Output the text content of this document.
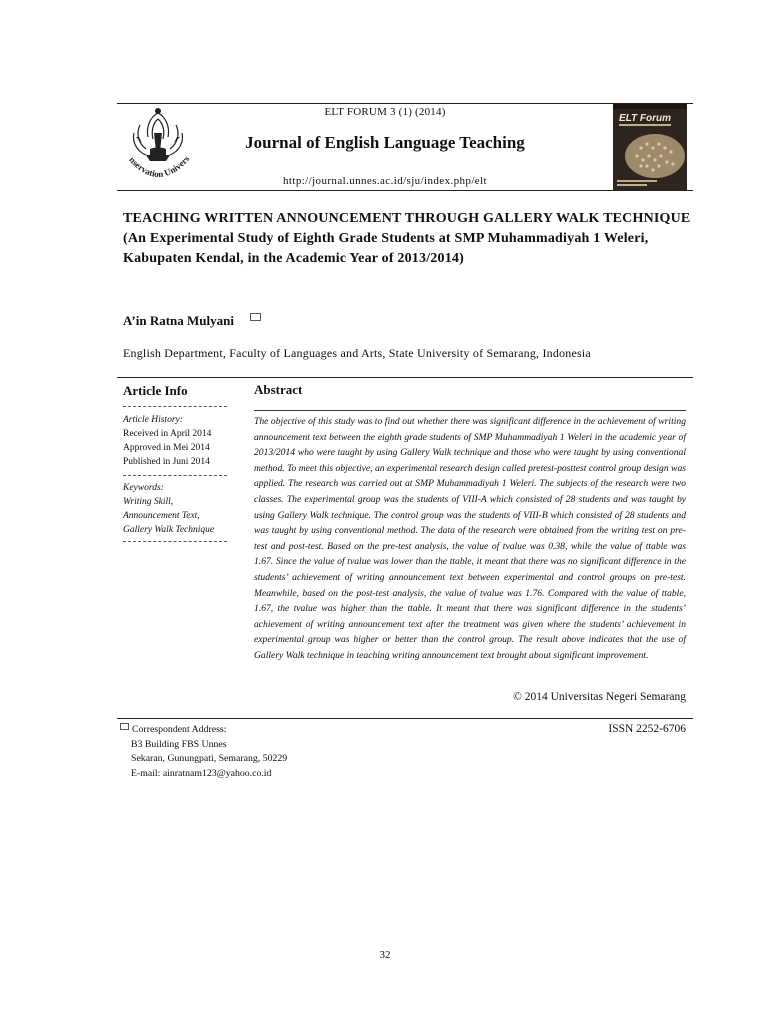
nservation Univers
ELT FORUM 3 (1) (2014)
Journal of English Language Teaching
http://journal.unnes.ac.id/sju/index.php/elt
ELT Forum
TEACHING WRITTEN ANNOUNCEMENT THROUGH GALLERY WALK TECHNIQUE (An Experimental Study of Eighth Grade Students at SMP Muhammadiyah 1 Weleri, Kabupaten Kendal, in the Academic Year of 2013/2014)
A’in Ratna Mulyani
English Department, Faculty of Languages and Arts, State University of Semarang, Indonesia
Article Info
Article History:
Received in April 2014
Approved in Mei 2014
Published in Juni 2014
Keywords:
Writing Skill,
Announcement Text,
Gallery Walk Technique
Abstract
The objective of this study was to find out whether there was significant difference in the achievement of writing announcement text between the eighth grade students of SMP Muhammadiyah 1 Weleri in the academic year of 2013/2014 who were taught by using Gallery Walk technique and those who were taught by using conventional method. To meet this objective, an experimental research design called pretest-posttest control group design was applied. The research was carried out at SMP Muhammadiyah 1 Weleri. The subjects of the research were two classes. The experimental group was the students of VIII-A which consisted of 28 students and was taught by using Gallery Walk technique. The control group was the students of VIII-B which consisted of 28 students and was taught by using conventional method. The data of the research were obtained from the writing test on pre-test and post-test. Based on the pre-test analysis, the value of tvalue was 0.38, while the value of ttable was 1.67. Since the value of tvalue was lower than the ttable, it meant that there was no significant difference in the students’ achievement of writing announcement text between experimental and control groups on pre-test. Meanwhile, based on the post-test analysis, the value of tvalue was 1.76. Compared with the value of ttable, 1.67, the tvalue was higher than the ttable. It meant that there was significant difference in the students’ achievement of writing announcement text after the treatment was given where the students’ achievement in experimental group was higher or better than the control group. The result above indicates that the use of Gallery Walk technique in teaching writing announcement text brought about significant improvement.
© 2014 Universitas Negeri Semarang
Correspondent Address:
B3 Building FBS Unnes
Sekaran, Gunungpati, Semarang, 50229
E-mail: ainratnam123@yahoo.co.id
ISSN 2252-6706
32
